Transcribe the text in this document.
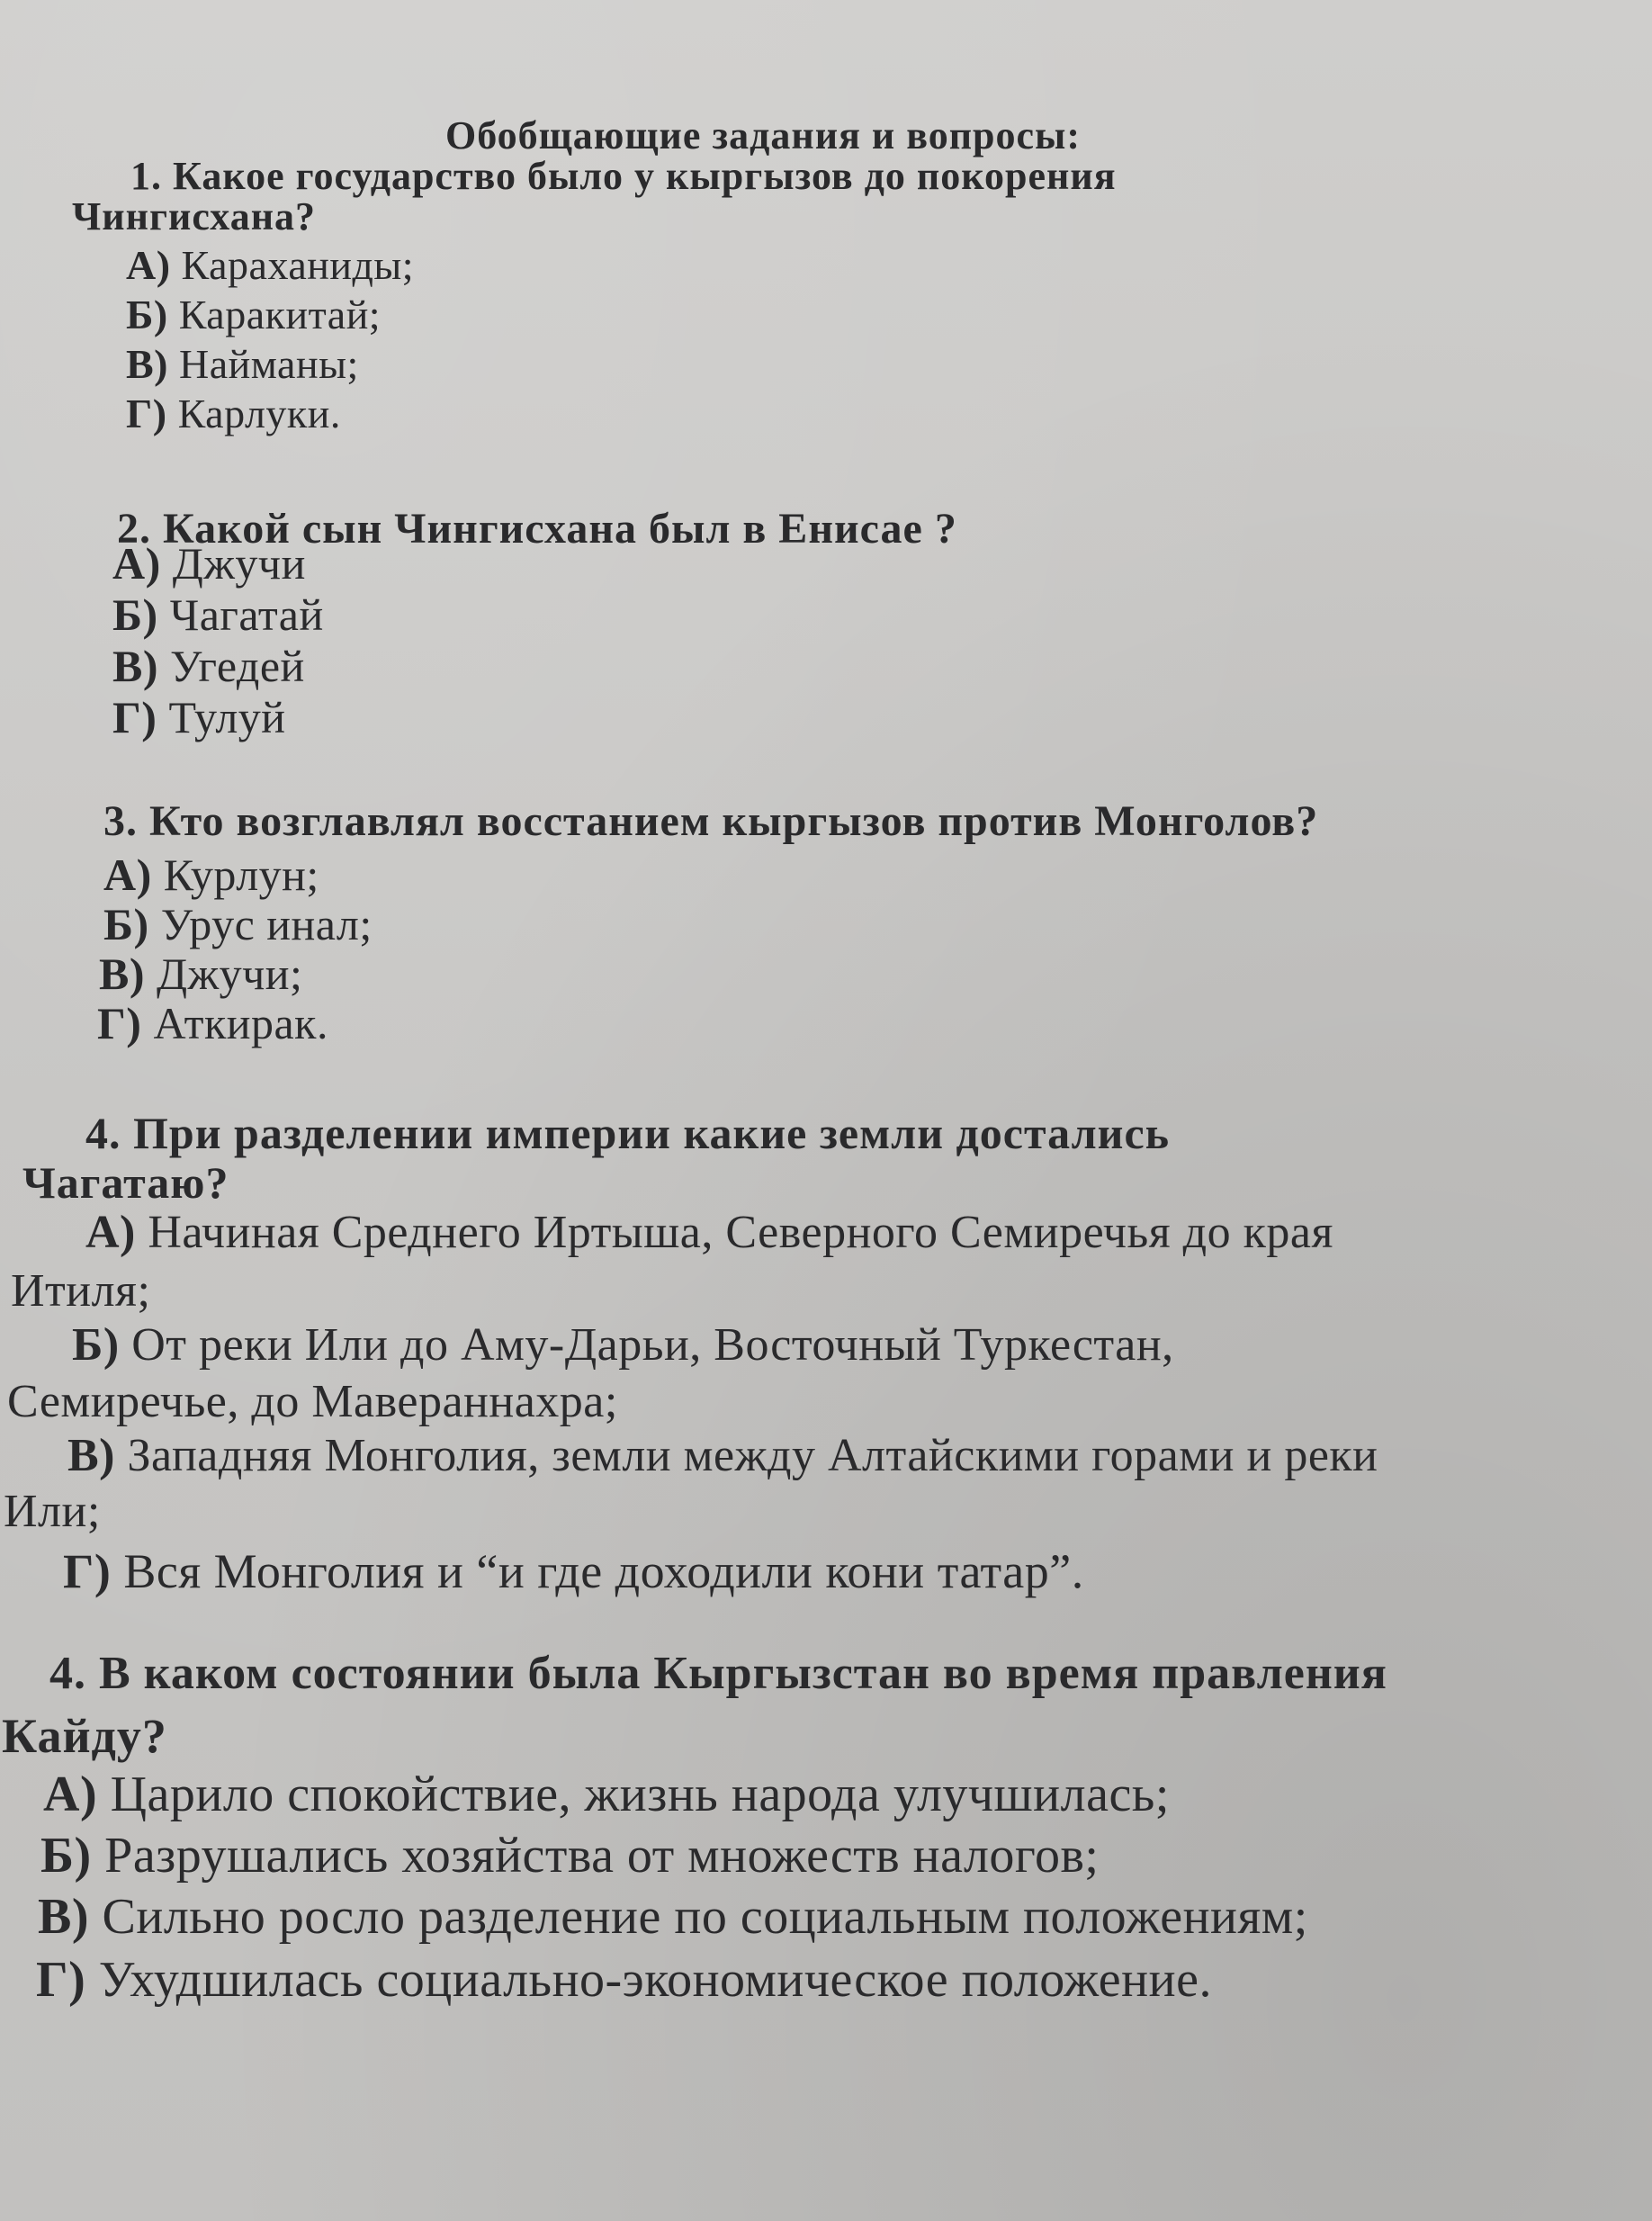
Обобщающие задания и вопросы:
1. Какое государство было у кыргызов до покорения
Чингисхана?
А) Караханиды;
Б) Каракитай;
В) Найманы;
Г) Карлуки.
2. Какой сын Чингисхана был в Енисае ?
А) Джучи
Б) Чагатай
В) Угедей
Г) Тулуй
3. Кто возглавлял восстанием кыргызов против Монголов?
А) Курлун;
Б) Урус инал;
В) Джучи;
Г) Аткирак.
4. При разделении империи какие земли достались
Чагатаю?
А) Начиная Среднего Иртыша, Северного Семиречья до края
Итиля;
Б) От реки Или до Аму-Дарьи, Восточный Туркестан,
Семиречье, до Мавераннахра;
В) Западняя Монголия, земли между Алтайскими горами и реки
Или;
Г) Вся Монголия и “и где доходили кони татар”.
4. В каком состоянии была Кыргызстан во время правления
Кайду?
А) Царило спокойствие, жизнь народа улучшилась;
Б) Разрушались хозяйства от множеств налогов;
В) Сильно росло разделение по социальным положениям;
Г) Ухудшилась социально-экономическое положение.
